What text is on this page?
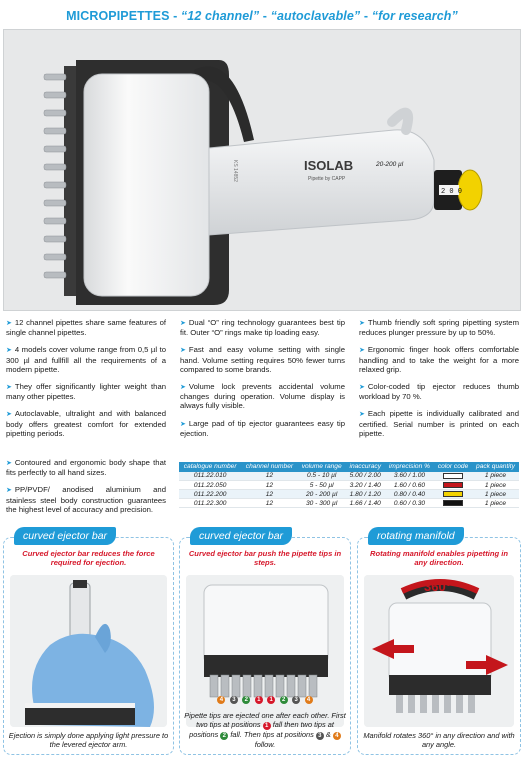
MICROPIPETTES - “12 channel” - “autoclavable” - “for research”
2 0 0
ISOLAB
Pipette by CAPP
20-200 µl
KS 14852

➤ 12 channel pipettes share same features of single channel pipettes.

➤ 4 models cover volume range from 0,5 µl to 300 µl and fullfill all the requirements of a modern pipette.

➤ They offer significantly lighter weight than many other pipettes.

➤ Autoclavable, ultralight and with balanced body offers greatest comfort for extended pipetting periods.

➤ Dual “O” ring technology guarantees best tip fit. Outer “O” rings make tip loading easy.

➤ Fast and easy volume setting with single hand. Volume setting requires 50% fewer turns compared to some brands.

➤ Volume lock prevents accidental volume changes during operation. Volume display is always fully visible.

➤ Large pad of tip ejector guarantees easy tip ejection.

➤ Thumb friendly soft spring pipetting system reduces plunger pressure by up to 50%.

➤ Ergonomic finger hook offers comfortable handling and to take the weight for a more relaxed grip.

➤ Color-coded tip ejector reduces thumb workload by 70 %.

➤ Each pipette is individually calibrated and certified. Serial number is printed on each pipette.

➤ Contoured and ergonomic body shape that fits perfectly to all hand sizes.

➤ PP/PVDF/ anodised aluminium and stainless steel body construction guarantees the highest level of accuracy and precision.

catalogue number	channel number	volume range	inaccuracy	imprecision %	color code	pack quantity
011.22.010	12	0.5 - 10 µl	5.00 / 2.00	3.60 / 1.00		1 piece
011.22.050	12	5 - 50 µl	3.20 / 1.40	1.60 / 0.60		1 piece
011.22.200	12	20 - 200 µl	1.80 / 1.20	0.80 / 0.40		1 piece
011.22.300	12	30 - 300 µl	1.66 / 1.40	0.60 / 0.30		1 piece
curved ejector bar
Curved ejector bar reduces the force required for ejection.
Ejection is simply done applying light pressure to the levered ejector arm.
curved ejector bar
Curved ejector bar push the pipette tips in steps.
4 3 2 1 1 2 3 4
Pipette tips are ejected one after each other. First two tips at positions 1 fall then two tips at positions 2 fall. Then tips at positions 3 & 4 follow.
rotating manifold
Rotating manifold enables pipetting in any direction.
360°
Manifold rotates 360° in any direction and with any angle.
